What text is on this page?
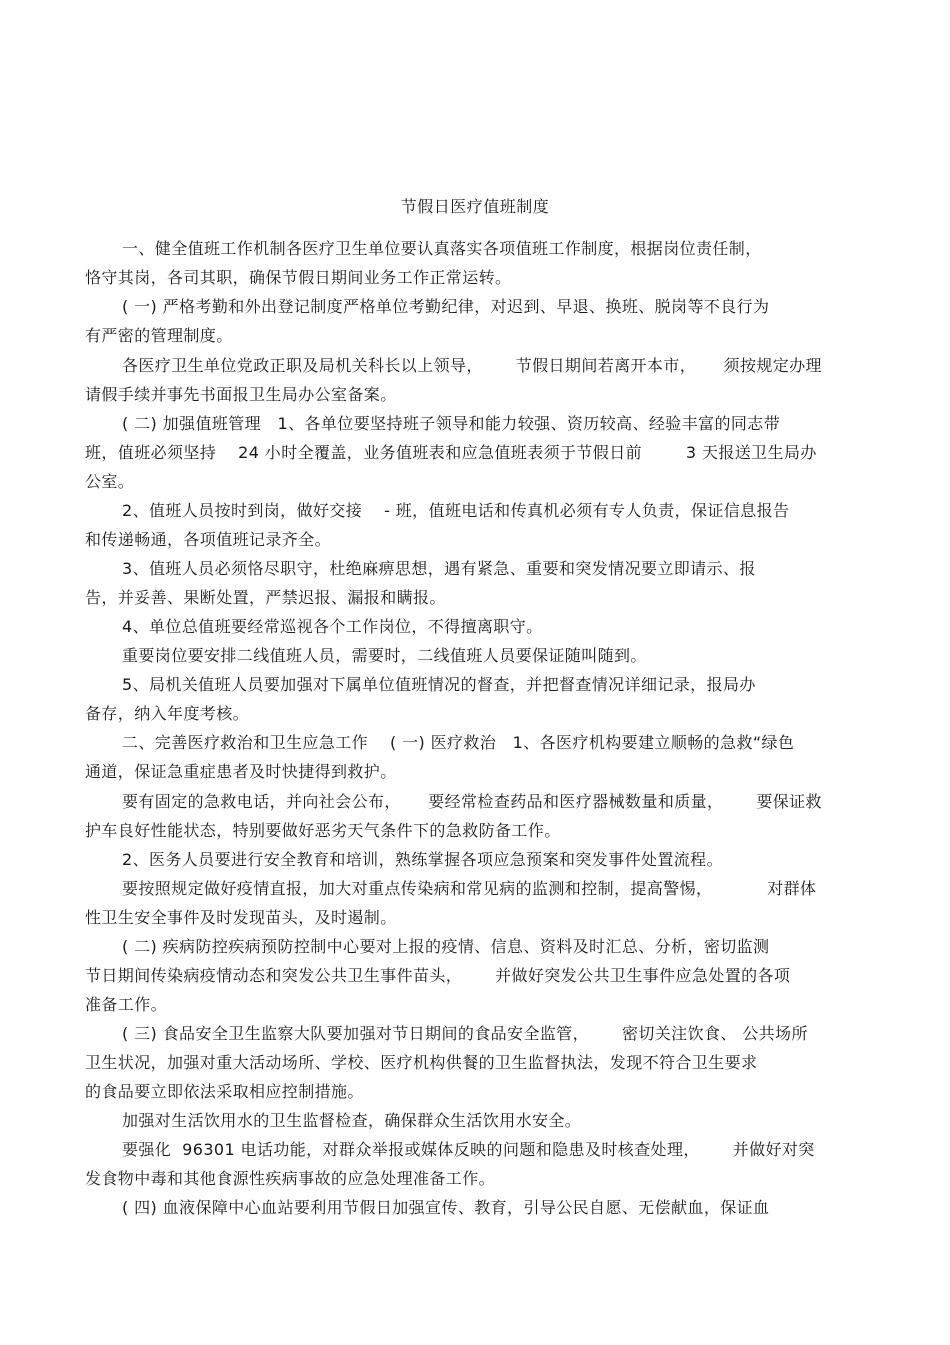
节假日医疗值班制度
一、健全值班工作机制各医疗卫生单位要认真落实各项值班工作制度，根据岗位责任制，
恪守其岗，各司其职，确保节假日期间业务工作正常运转。
( 一) 严格考勤和外出登记制度严格单位考勤纪律，对迟到、早退、换班、脱岗等不良行为
有严密的管理制度。
各医疗卫生单位党政正职及局机关科长以上领导，      节假日期间若离开本市，     须按规定办理
请假手续并事先书面报卫生局办公室备案。
( 二) 加强值班管理   1、各单位要坚持班子领导和能力较强、资历较高、经验丰富的同志带
班，值班必须坚持    24 小时全覆盖，业务值班表和应急值班表须于节假日前        3 天报送卫生局办
公室。
2、值班人员按时到岗，做好交接    - 班，值班电话和传真机必须有专人负责，保证信息报告
和传递畅通，各项值班记录齐全。
3、值班人员必须恪尽职守，杜绝麻痹思想，遇有紧急、重要和突发情况要立即请示、报
告，并妥善、果断处置，严禁迟报、漏报和瞒报。
4、单位总值班要经常巡视各个工作岗位，不得擅离职守。
重要岗位要安排二线值班人员，需要时，二线值班人员要保证随叫随到。
5、局机关值班人员要加强对下属单位值班情况的督查，并把督查情况详细记录，报局办
备存，纳入年度考核。
二、完善医疗救治和卫生应急工作    ( 一) 医疗救治   1、各医疗机构要建立顺畅的急救“绿色
通道，保证急重症患者及时快捷得到救护。
要有固定的急救电话，并向社会公布，     要经常检查药品和医疗器械数量和质量，      要保证救
护车良好性能状态，特别要做好恶劣天气条件下的急救防备工作。
2、医务人员要进行安全教育和培训，熟练掌握各项应急预案和突发事件处置流程。
要按照规定做好疫情直报，加大对重点传染病和常见病的监测和控制，提高警惕，          对群体
性卫生安全事件及时发现苗头，及时遏制。
( 二) 疾病防控疾病预防控制中心要对上报的疫情、信息、资料及时汇总、分析，密切监测
节日期间传染病疫情动态和突发公共卫生事件苗头，      并做好突发公共卫生事件应急处置的各项
准备工作。
( 三) 食品安全卫生监察大队要加强对节日期间的食品安全监管，      密切关注饮食、 公共场所
卫生状况，加强对重大活动场所、学校、医疗机构供餐的卫生监督执法，发现不符合卫生要求
的食品要立即依法采取相应控制措施。
加强对生活饮用水的卫生监督检查，确保群众生活饮用水安全。
要强化  96301 电话功能，对群众举报或媒体反映的问题和隐患及时核查处理，      并做好对突
发食物中毒和其他食源性疾病事故的应急处理准备工作。
( 四) 血液保障中心血站要利用节假日加强宣传、教育，引导公民自愿、无偿献血，保证血
